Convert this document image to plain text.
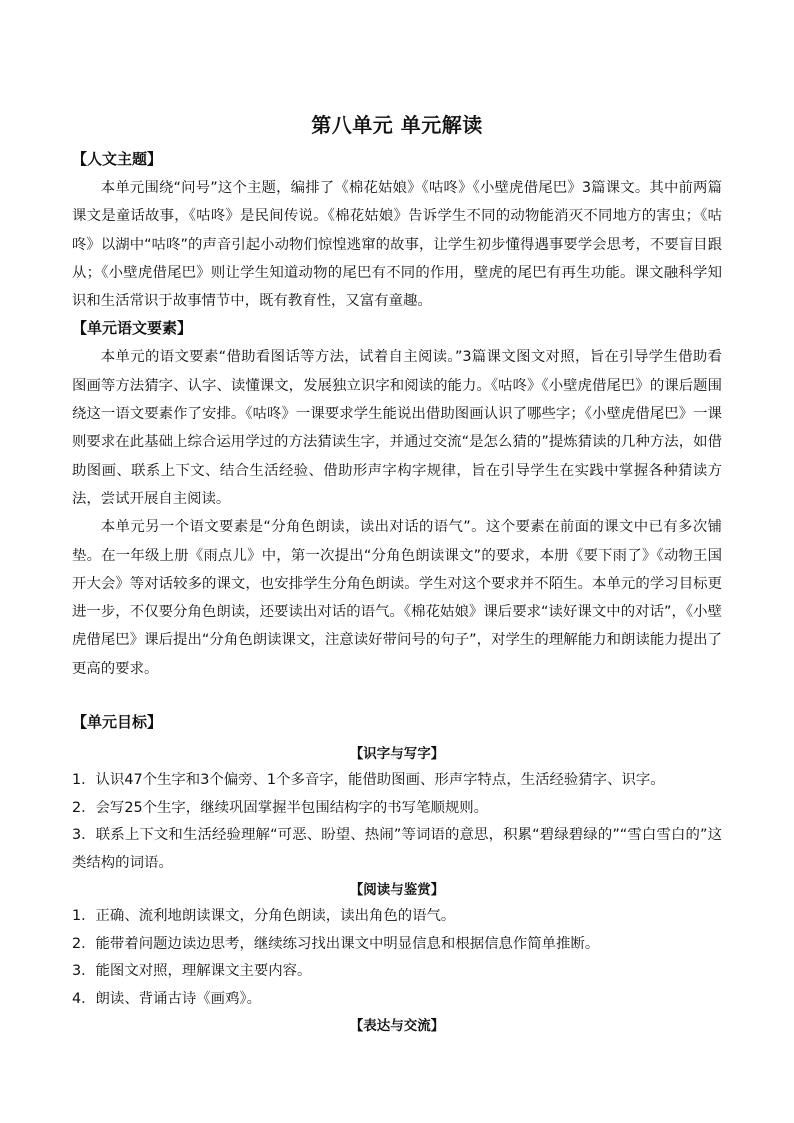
第八单元 单元解读

【人文主题】

本单元围绕“问号”这个主题，编排了《棉花姑娘》《咕咚》《小壁虎借尾巴》3篇课文。其中前两篇课文是童话故事，《咕咚》是民间传说。《棉花姑娘》告诉学生不同的动物能消灭不同地方的害虫；《咕咚》以湖中“咕咚”的声音引起小动物们惊惶逃窜的故事，让学生初步懂得遇事要学会思考，不要盲目跟从；《小壁虎借尾巴》则让学生知道动物的尾巴有不同的作用，壁虎的尾巴有再生功能。课文融科学知识和生活常识于故事情节中，既有教育性，又富有童趣。

【单元语文要素】

本单元的语文要素“借助看图话等方法，试着自主阅读。”3篇课文图文对照，旨在引导学生借助看图画等方法猜字、认字、读懂课文，发展独立识字和阅读的能力。《咕咚》《小壁虎借尾巴》的课后题围绕这一语文要素作了安排。《咕咚》一课要求学生能说出借助图画认识了哪些字；《小壁虎借尾巴》一课则要求在此基础上综合运用学过的方法猜读生字，并通过交流“是怎么猜的”提炼猜读的几种方法，如借助图画、联系上下文、结合生活经验、借助形声字构字规律，旨在引导学生在实践中掌握各种猜读方法，尝试开展自主阅读。

本单元另一个语文要素是“分角色朗读，读出对话的语气”。这个要素在前面的课文中已有多次铺垫。在一年级上册《雨点儿》中，第一次提出“分角色朗读课文”的要求，本册《要下雨了》《动物王国开大会》等对话较多的课文，也安排学生分角色朗读。学生对这个要求并不陌生。本单元的学习目标更进一步，不仅要分角色朗读，还要读出对话的语气。《棉花姑娘》课后要求“读好课文中的对话”，《小壁虎借尾巴》课后提出“分角色朗读课文，注意读好带问号的句子”，对学生的理解能力和朗读能力提出了更高的要求。

【单元目标】

【识字与写字】

1．认识47个生字和3个偏旁、1个多音字，能借助图画、形声字特点，生活经验猜字、识字。

2．会写25个生字，继续巩固掌握半包围结构字的书写笔顺规则。

3．联系上下文和生活经验理解“可恶、盼望、热闹”等词语的意思，积累“碧绿碧绿的”“雪白雪白的”这类结构的词语。

【阅读与鉴赏】

1．正确、流利地朗读课文，分角色朗读，读出角色的语气。

2．能带着问题边读边思考，继续练习找出课文中明显信息和根据信息作简单推断。

3．能图文对照，理解课文主要内容。

4．朗读、背诵古诗《画鸡》。

【表达与交流】
